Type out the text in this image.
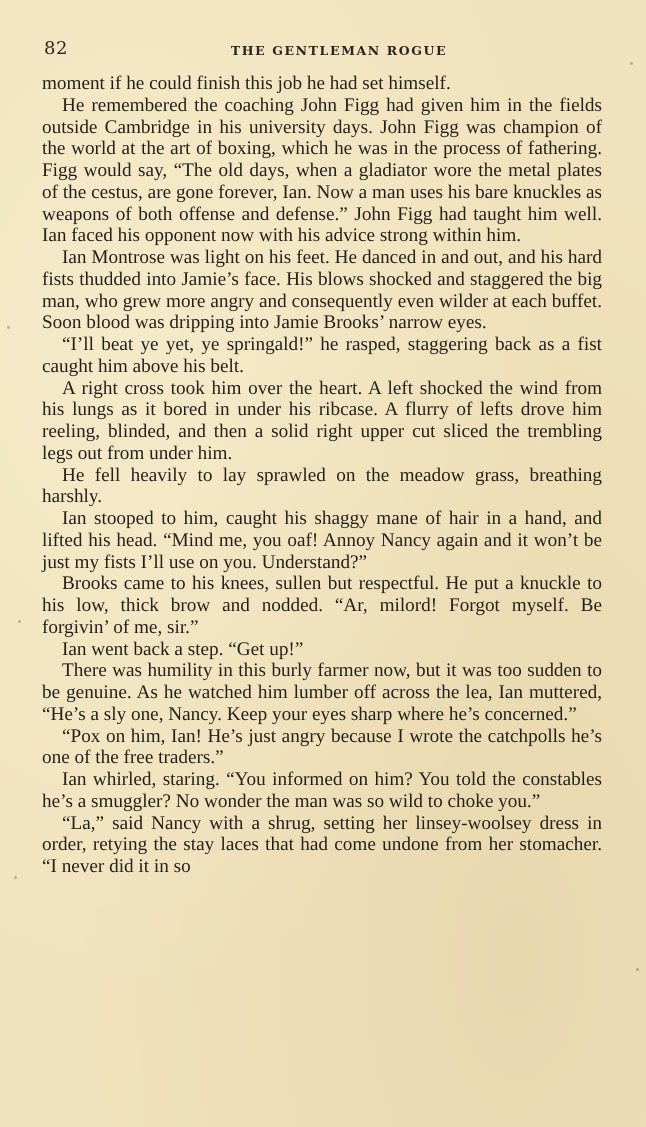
82	THE GENTLEMAN ROGUE

moment if he could finish this job he had set himself.

He remembered the coaching John Figg had given him in the fields outside Cambridge in his university days. John Figg was champion of the world at the art of boxing, which he was in the process of fathering. Figg would say, “The old days, when a gladiator wore the metal plates of the cestus, are gone forever, Ian. Now a man uses his bare knuckles as weapons of both offense and defense.” John Figg had taught him well. Ian faced his opponent now with his advice strong within him.

Ian Montrose was light on his feet. He danced in and out, and his hard fists thudded into Jamie’s face. His blows shocked and staggered the big man, who grew more angry and consequently even wilder at each buffet. Soon blood was dripping into Jamie Brooks’ narrow eyes.

“I’ll beat ye yet, ye springald!” he rasped, staggering back as a fist caught him above his belt.

A right cross took him over the heart. A left shocked the wind from his lungs as it bored in under his ribcase. A flurry of lefts drove him reeling, blinded, and then a solid right upper cut sliced the trembling legs out from under him.

He fell heavily to lay sprawled on the meadow grass, breathing harshly.

Ian stooped to him, caught his shaggy mane of hair in a hand, and lifted his head. “Mind me, you oaf! Annoy Nancy again and it won’t be just my fists I’ll use on you. Understand?”

Brooks came to his knees, sullen but respectful. He put a knuckle to his low, thick brow and nodded. “Ar, milord! Forgot myself. Be forgivin’ of me, sir.”

Ian went back a step. “Get up!”

There was humility in this burly farmer now, but it was too sudden to be genuine. As he watched him lumber off across the lea, Ian muttered, “He’s a sly one, Nancy. Keep your eyes sharp where he’s concerned.”

“Pox on him, Ian! He’s just angry because I wrote the catchpolls he’s one of the free traders.”

Ian whirled, staring. “You informed on him? You told the constables he’s a smuggler? No wonder the man was so wild to choke you.”

“La,” said Nancy with a shrug, setting her linsey-woolsey dress in order, retying the stay laces that had come undone from her stomacher. “I never did it in so
